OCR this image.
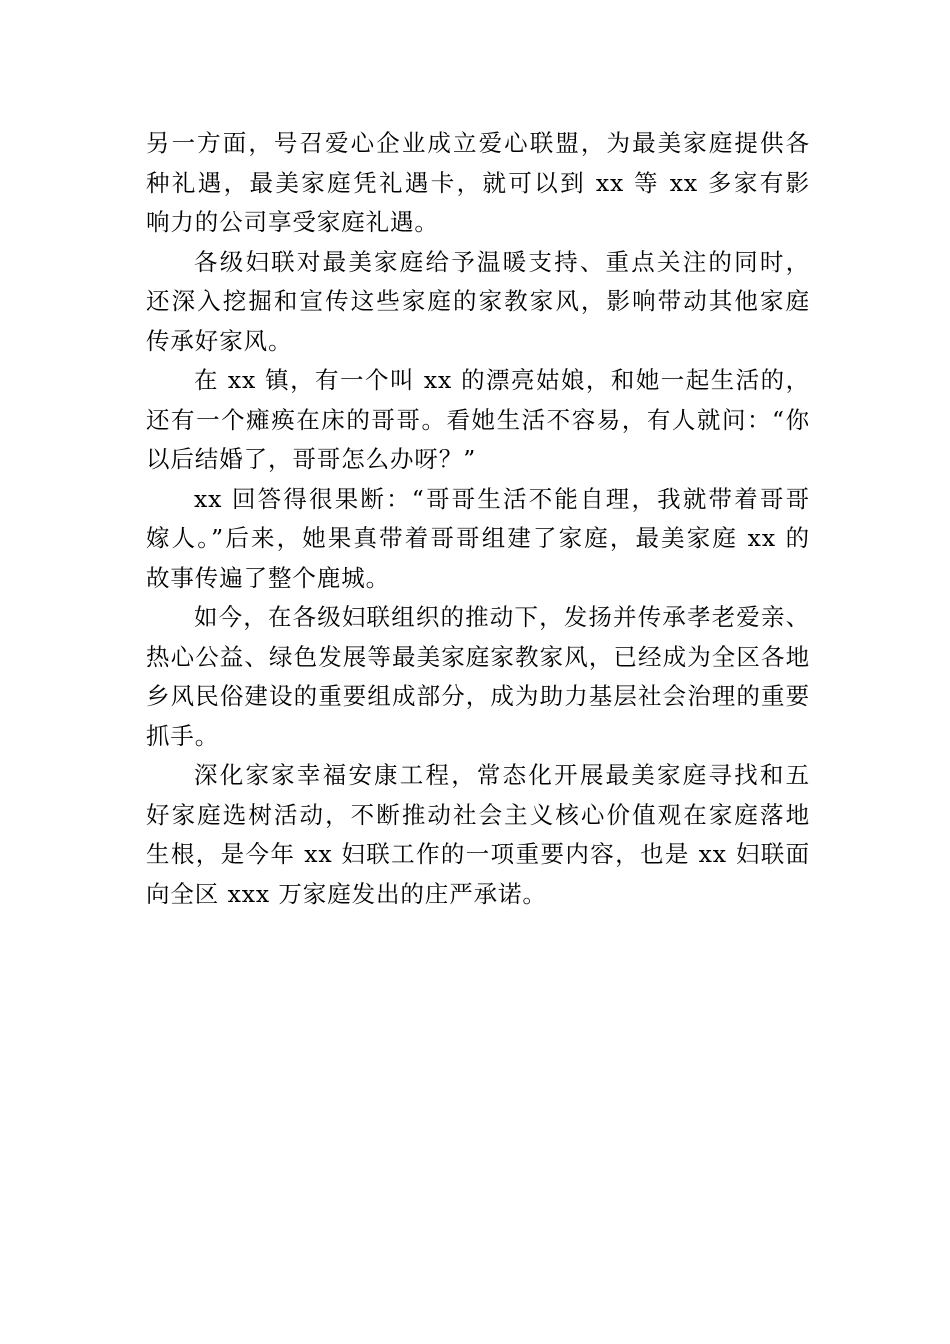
另一方面，号召爱心企业成立爱心联盟，为最美家庭提供各
种礼遇，最美家庭凭礼遇卡，就可以到 xx 等 xx 多家有影
响力的公司享受家庭礼遇。
各级妇联对最美家庭给予温暖支持、重点关注的同时，
还深入挖掘和宣传这些家庭的家教家风，影响带动其他家庭
传承好家风。
在 xx 镇，有一个叫 xx 的漂亮姑娘，和她一起生活的，
还有一个瘫痪在床的哥哥。看她生活不容易，有人就问：“你
以后结婚了，哥哥怎么办呀？”
xx 回答得很果断：“哥哥生活不能自理，我就带着哥哥
嫁人。”后来，她果真带着哥哥组建了家庭，最美家庭 xx 的
故事传遍了整个鹿城。
如今，在各级妇联组织的推动下，发扬并传承孝老爱亲、
热心公益、绿色发展等最美家庭家教家风，已经成为全区各地
乡风民俗建设的重要组成部分，成为助力基层社会治理的重要
抓手。
深化家家幸福安康工程，常态化开展最美家庭寻找和五
好家庭选树活动，不断推动社会主义核心价值观在家庭落地
生根，是今年 xx 妇联工作的一项重要内容，也是 xx 妇联面
向全区 xxx 万家庭发出的庄严承诺。
